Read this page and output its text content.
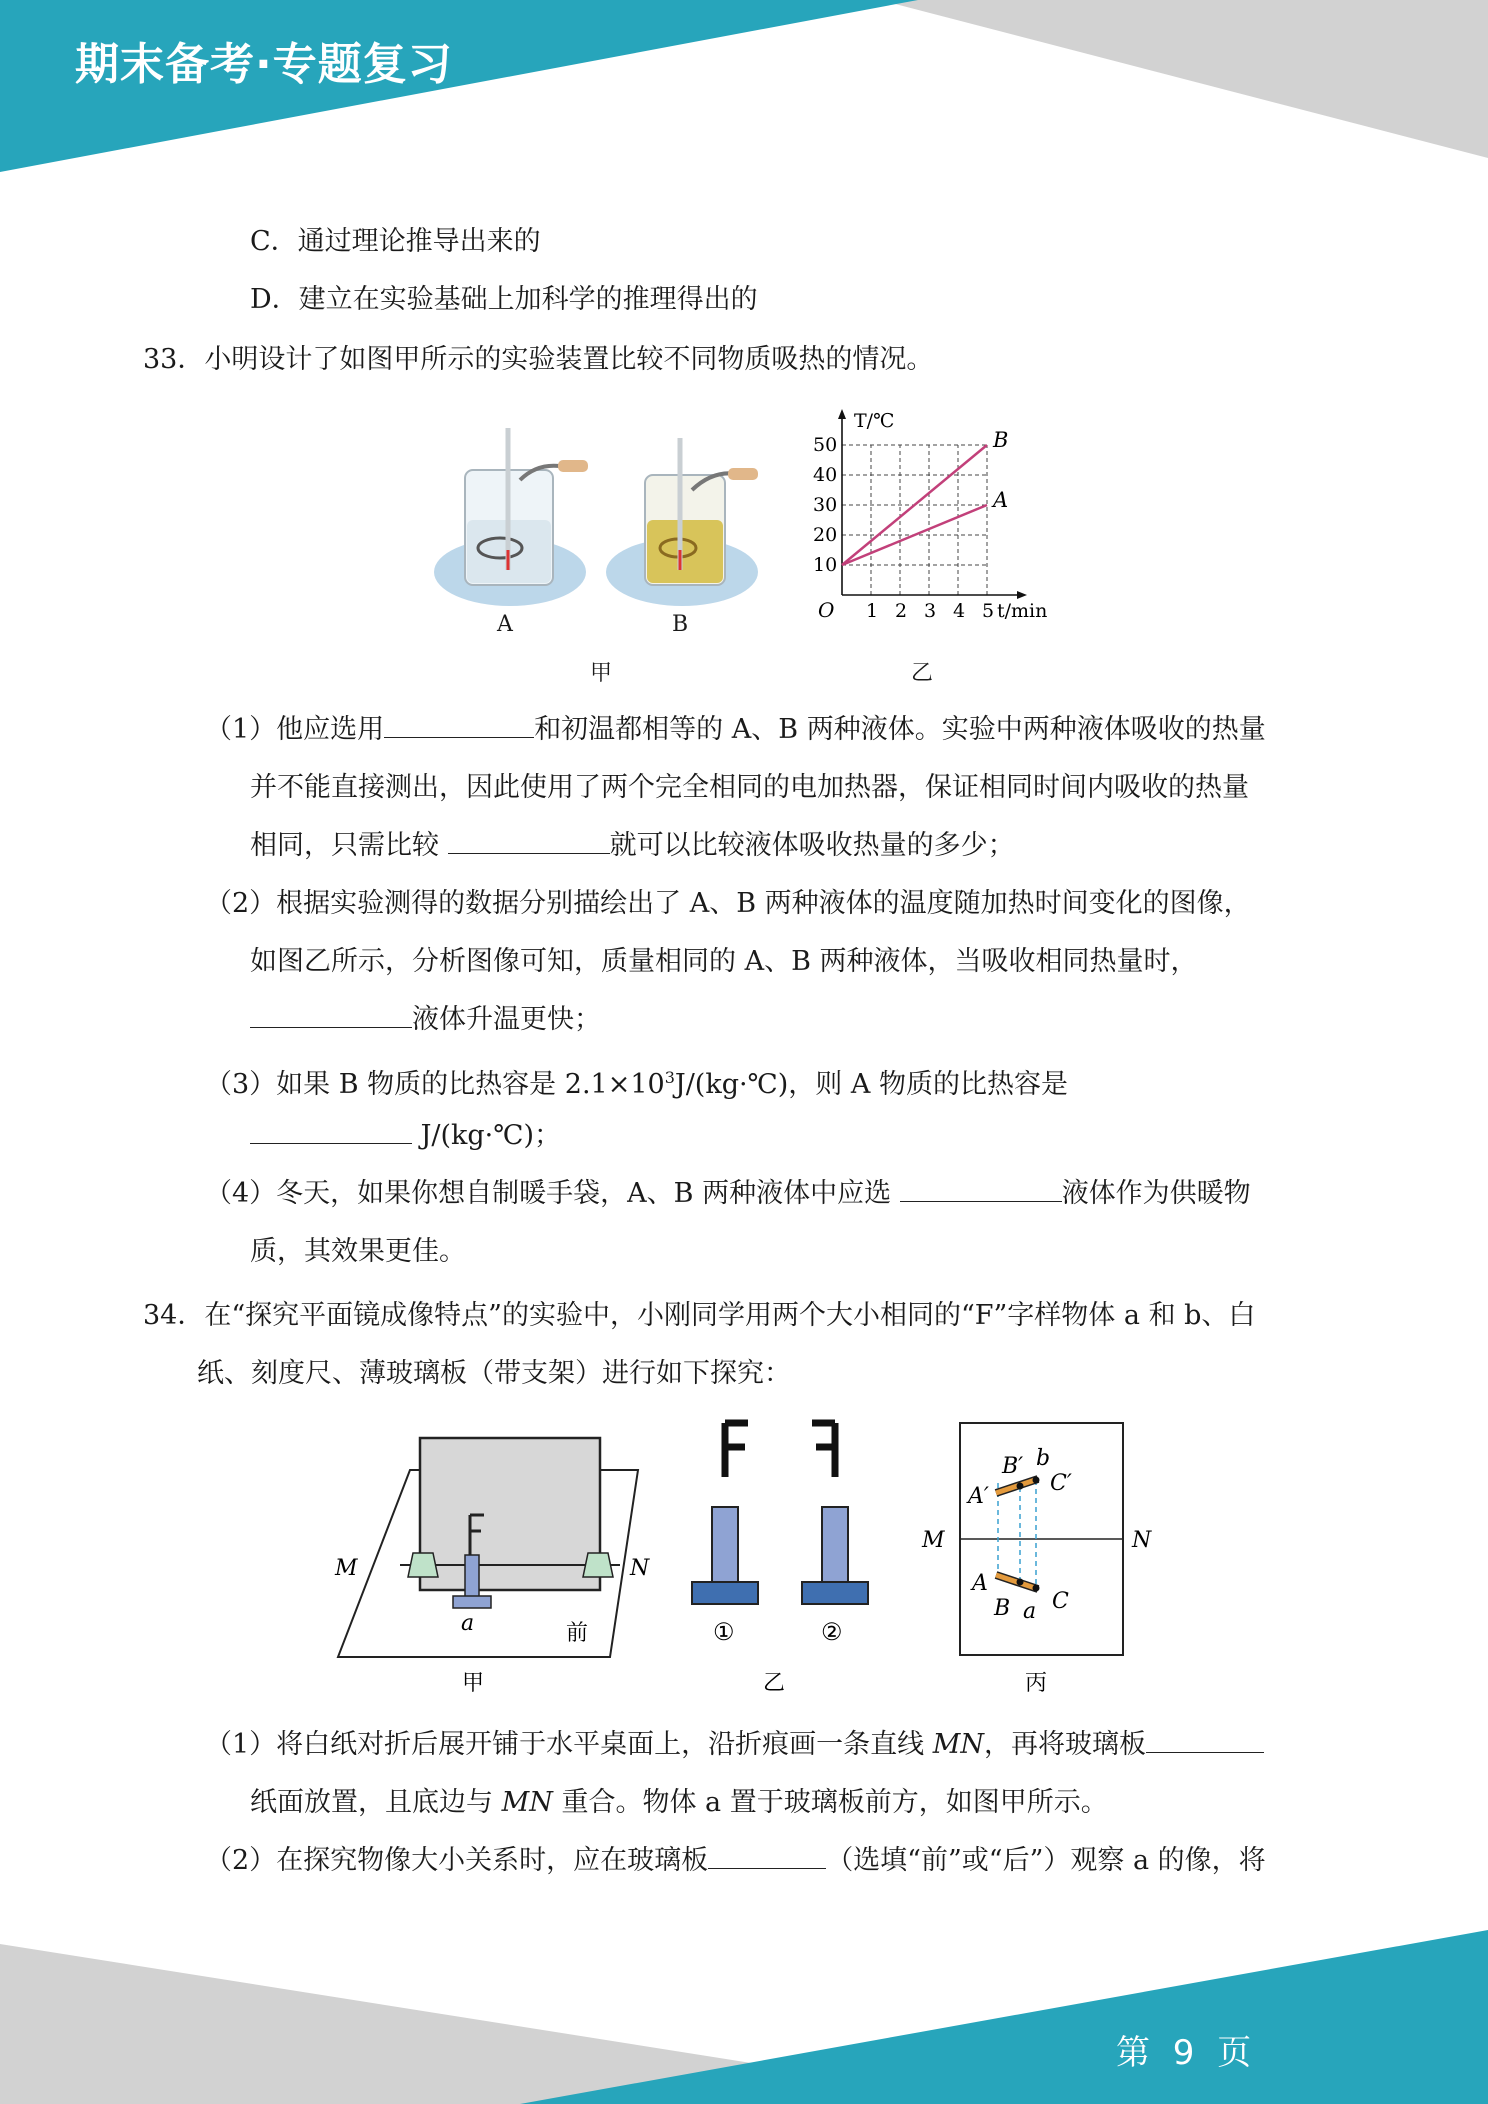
期末备考·专题复习
第 9 页
C．通过理论推导出来的
D．建立在实验基础上加科学的推理得出的
33．小明设计了如图甲所示的实验装置比较不同物质吸热的情况。
A	B
甲	乙
1 2 3 4 5
10
20
30
40
50
O
T/℃
t/min
A
B
（1）他应选用	和初温都相等的 A、B 两种液体。实验中两种液体吸收的热量
并不能直接测出，因此使用了两个完全相同的电加热器，保证相同时间内吸收的热量
相同，只需比较	就可以比较液体吸收热量的多少；
（2）根据实验测得的数据分别描绘出了 A、B 两种液体的温度随加热时间变化的图像，
如图乙所示，分析图像可知，质量相同的 A、B 两种液体，当吸收相同热量时，
液体升温更快；
（3）如果 B 物质的比热容是 $2.1\times 10^3J/(kg\cdot℃)$，则 A 物质的比热容是
J/(kg·℃)；
（4）冬天，如果你想自制暖手袋，A、B 两种液体中应选	液体作为供暖物
质，其效果更佳。
34．在“探究平面镜成像特点”的实验中，小刚同学用两个大小相同的“F”字样物体 a 和 b、白
纸、刻度尺、薄玻璃板（带支架）进行如下探究：
M	N
a	前
甲
①	②
乙
M	N
A′
B′ b
C′
A
B a C
丙
（1）将白纸对折后展开铺于水平桌面上，沿折痕画一条直线 MN，再将玻璃板
纸面放置，且底边与 MN 重合。物体 a 置于玻璃板前方，如图甲所示。
（2）在探究物像大小关系时，应在玻璃板	（选填“前”或“后”）观察 a 的像，将
